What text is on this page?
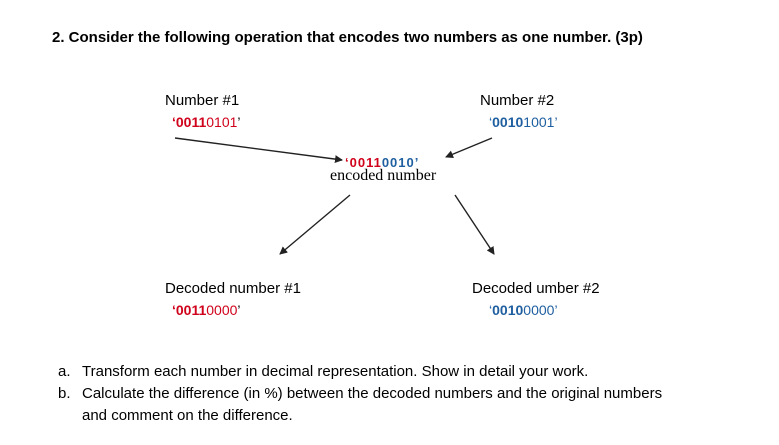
2. Consider the following operation that encodes two numbers as one number. (3p)
Number #1
‘00110101’
Number #2
‘00101001’
‘00110010’
encoded number
Decoded number #1
‘00110000’
Decoded umber #2
‘00100000’
a. Transform each number in decimal representation. Show in detail your work.
b. Calculate the difference (in %) between the decoded numbers and the original numbers
and comment on the difference.
